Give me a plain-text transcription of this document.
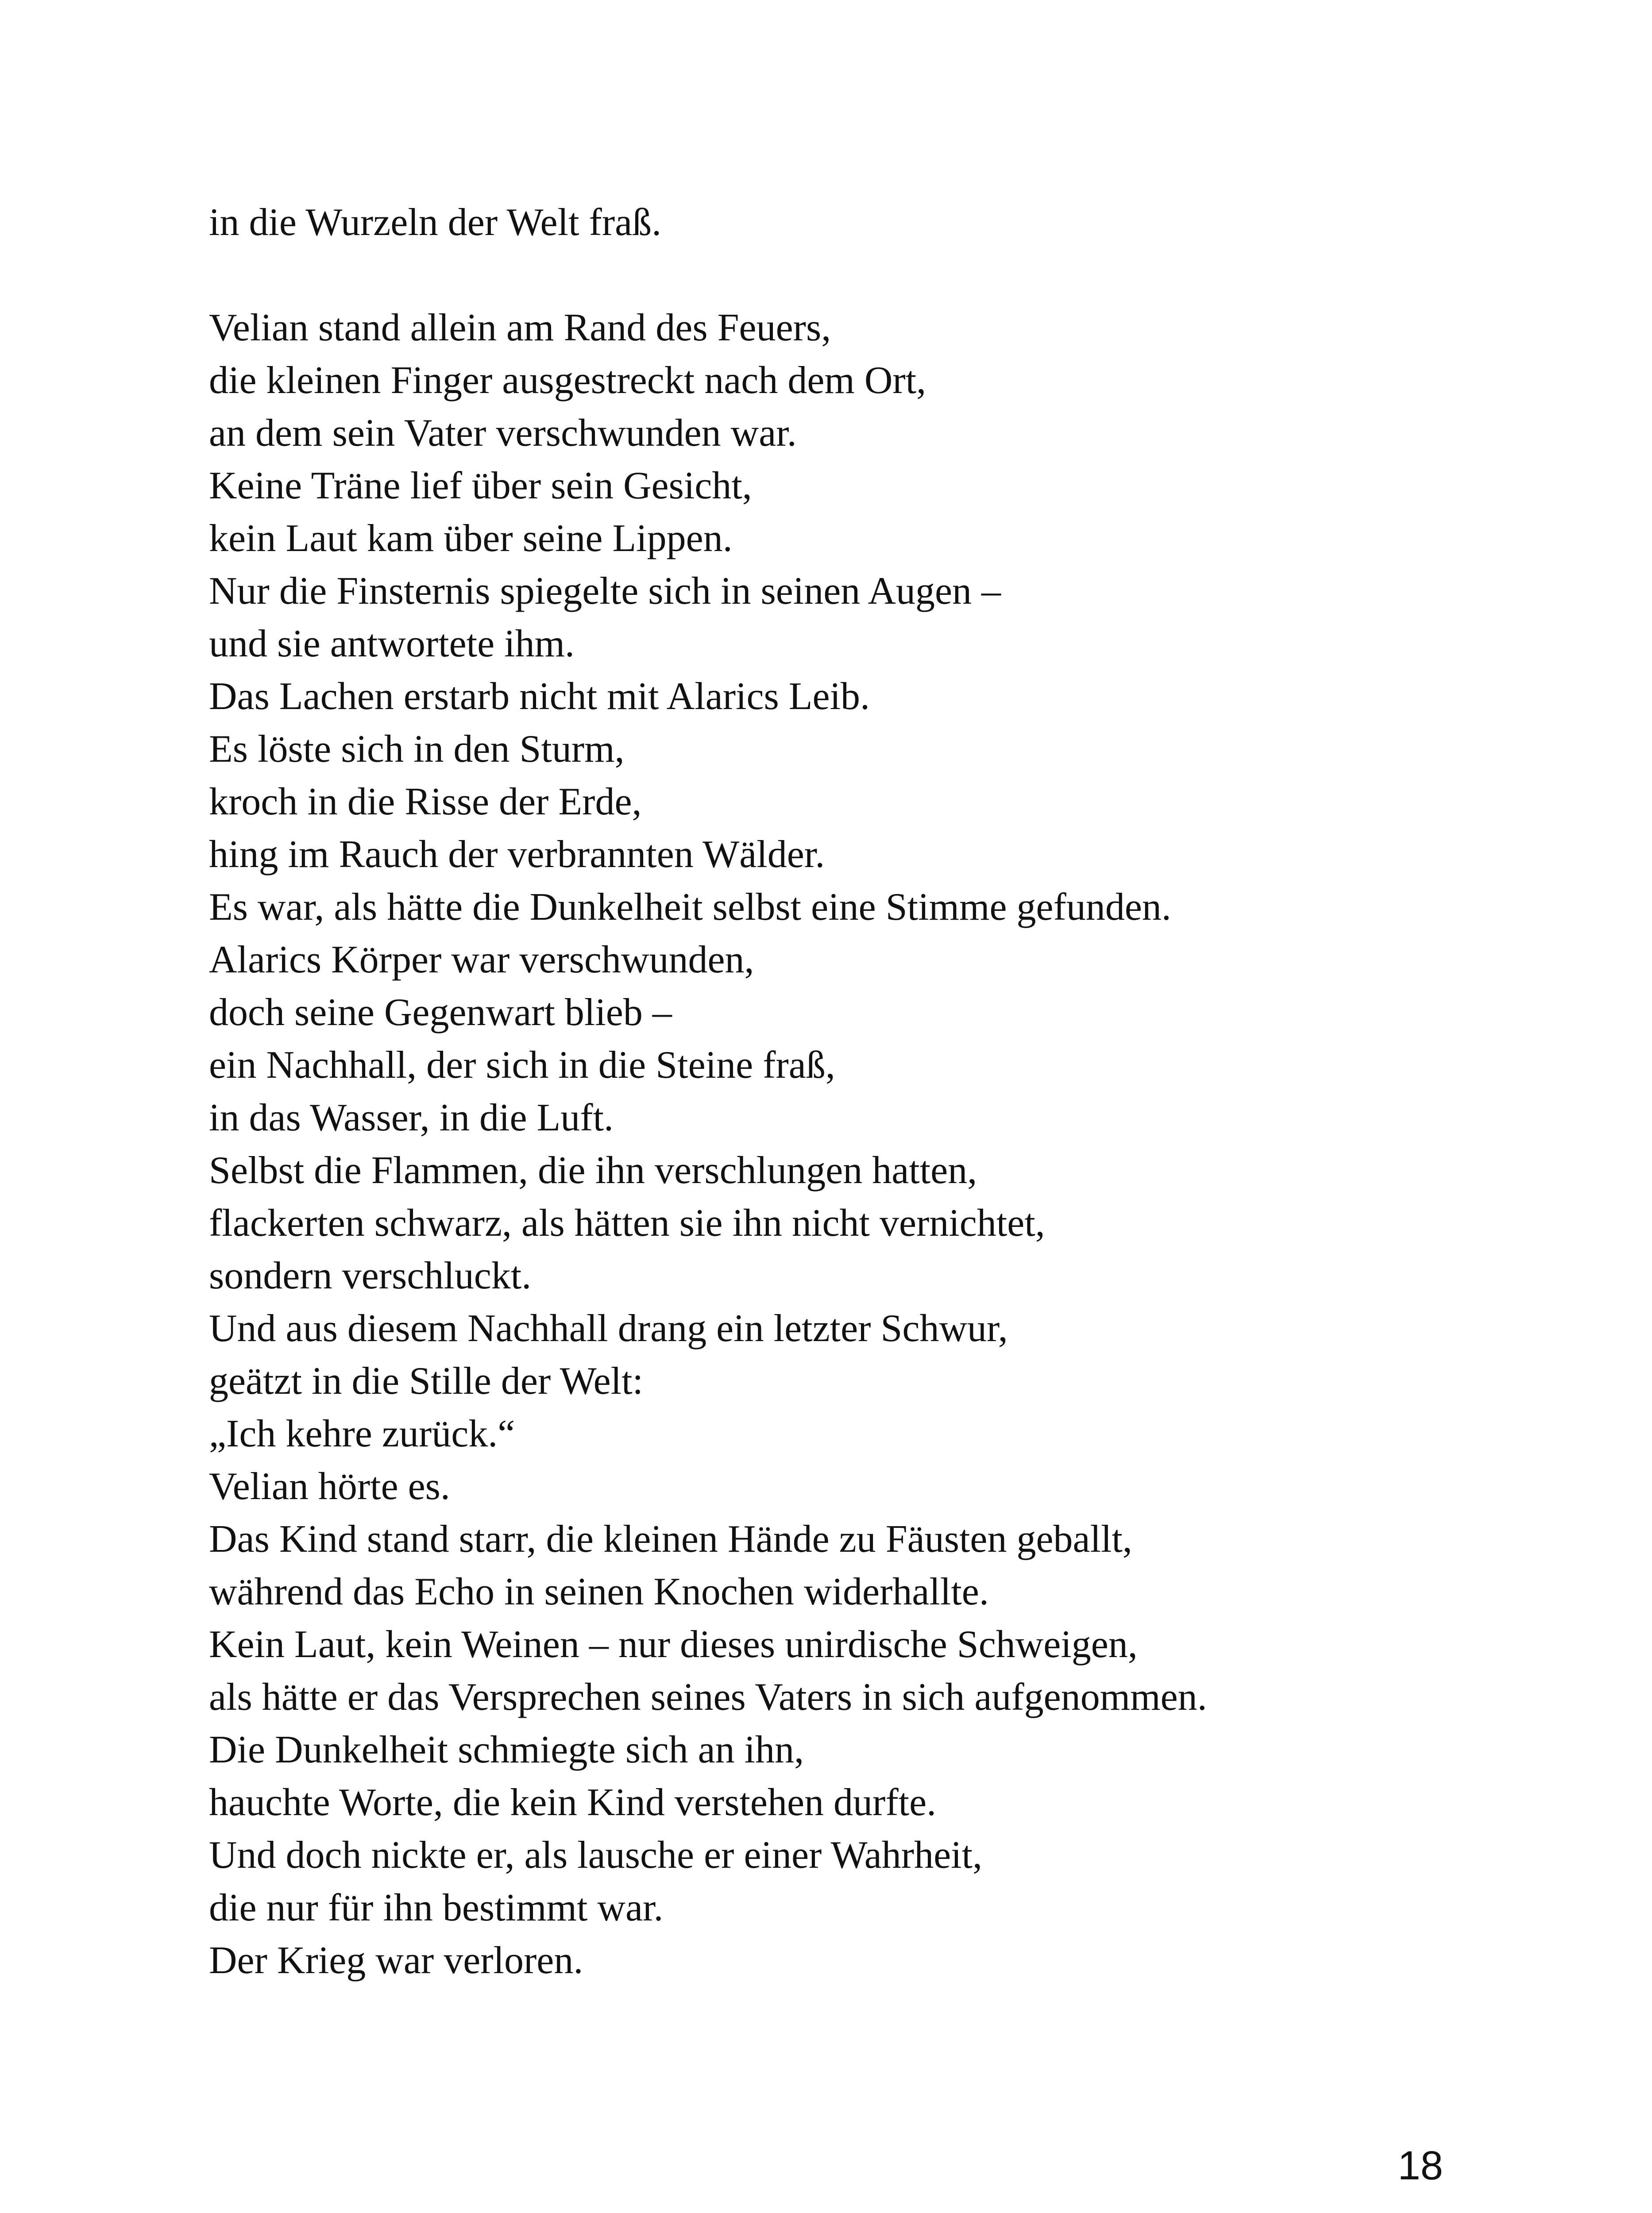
in die Wurzeln der Welt fraß.
Velian stand allein am Rand des Feuers,
die kleinen Finger ausgestreckt nach dem Ort,
an dem sein Vater verschwunden war.
Keine Träne lief über sein Gesicht,
kein Laut kam über seine Lippen.
Nur die Finsternis spiegelte sich in seinen Augen –
und sie antwortete ihm.
Das Lachen erstarb nicht mit Alarics Leib.
Es löste sich in den Sturm,
kroch in die Risse der Erde,
hing im Rauch der verbrannten Wälder.
Es war, als hätte die Dunkelheit selbst eine Stimme gefunden.
Alarics Körper war verschwunden,
doch seine Gegenwart blieb –
ein Nachhall, der sich in die Steine fraß,
in das Wasser, in die Luft.
Selbst die Flammen, die ihn verschlungen hatten,
flackerten schwarz, als hätten sie ihn nicht vernichtet,
sondern verschluckt.
Und aus diesem Nachhall drang ein letzter Schwur,
geätzt in die Stille der Welt:
„Ich kehre zurück.“
Velian hörte es.
Das Kind stand starr, die kleinen Hände zu Fäusten geballt,
während das Echo in seinen Knochen widerhallte.
Kein Laut, kein Weinen – nur dieses unirdische Schweigen,
als hätte er das Versprechen seines Vaters in sich aufgenommen.
Die Dunkelheit schmiegte sich an ihn,
hauchte Worte, die kein Kind verstehen durfte.
Und doch nickte er, als lausche er einer Wahrheit,
die nur für ihn bestimmt war.
Der Krieg war verloren.
18
